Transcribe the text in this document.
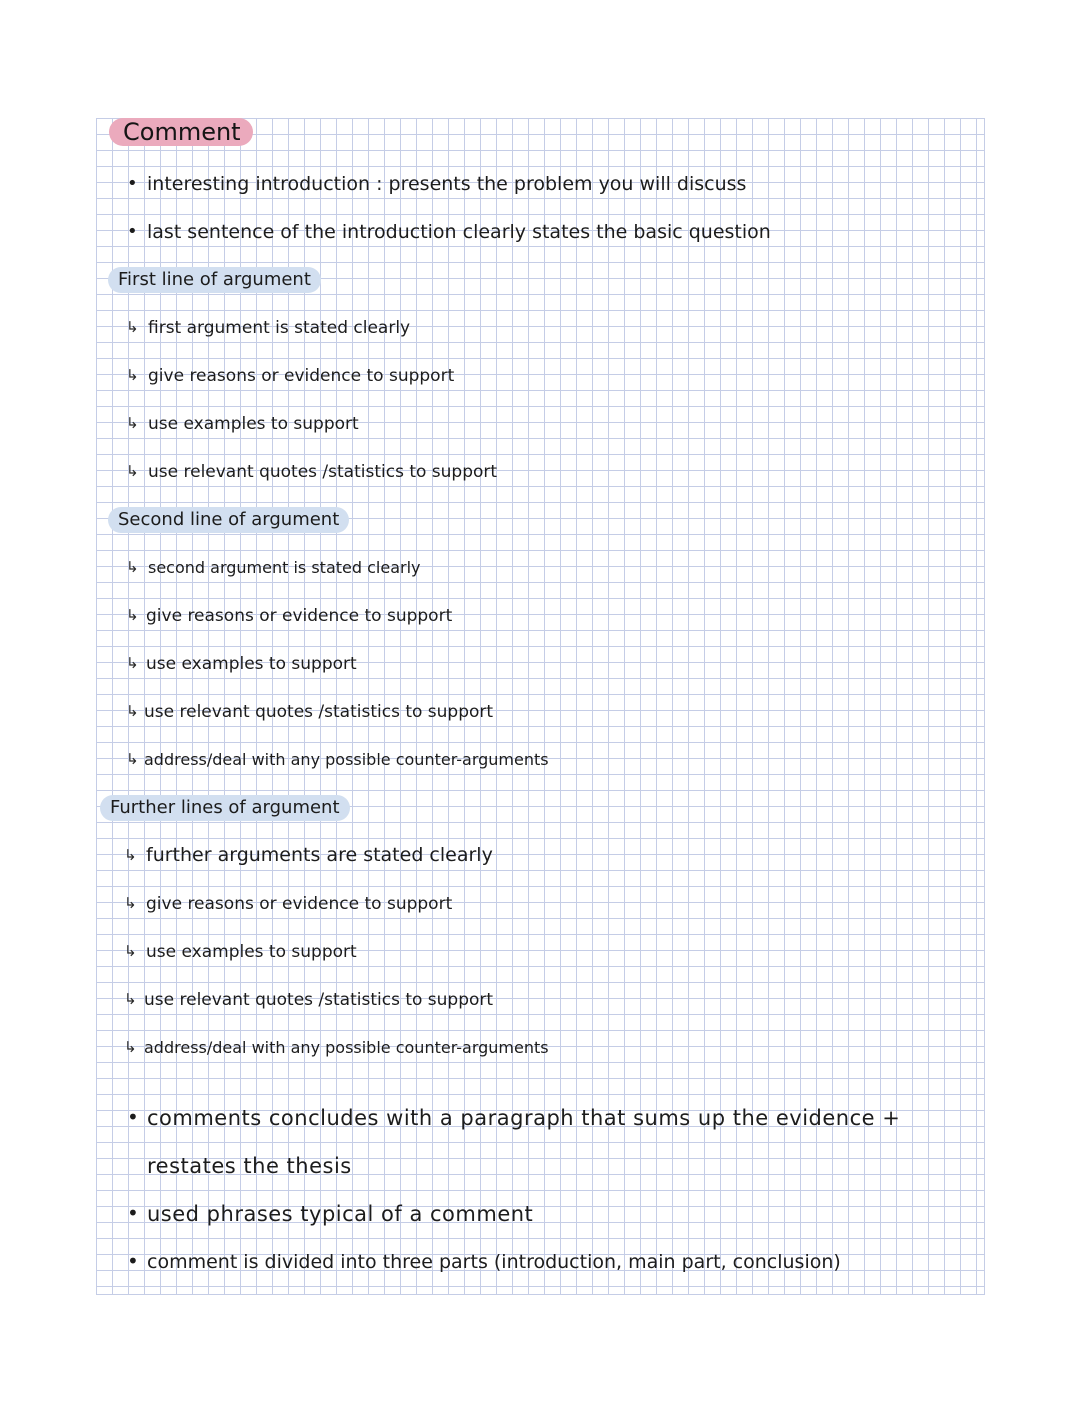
Comment
• interesting introduction : presents the problem you will discuss
• last sentence of the introduction clearly states the basic question
First line of argument
↳ first argument is stated clearly
↳ give reasons or evidence to support
↳ use examples to support
↳ use relevant quotes /statistics to support
Second line of argument
↳ second argument is stated clearly
↳ give reasons or evidence to support
↳ use examples to support
↳ use relevant quotes /statistics to support
↳ address/deal with any possible counter-arguments
Further lines of argument
↳ further arguments are stated clearly
↳ give reasons or evidence to support
↳ use examples to support
↳ use relevant quotes /statistics to support
↳ address/deal with any possible counter-arguments
• comments concludes with a paragraph that sums up the evidence +
restates the thesis
• used phrases typical of a comment
• comment is divided into three parts (introduction, main part, conclusion)
